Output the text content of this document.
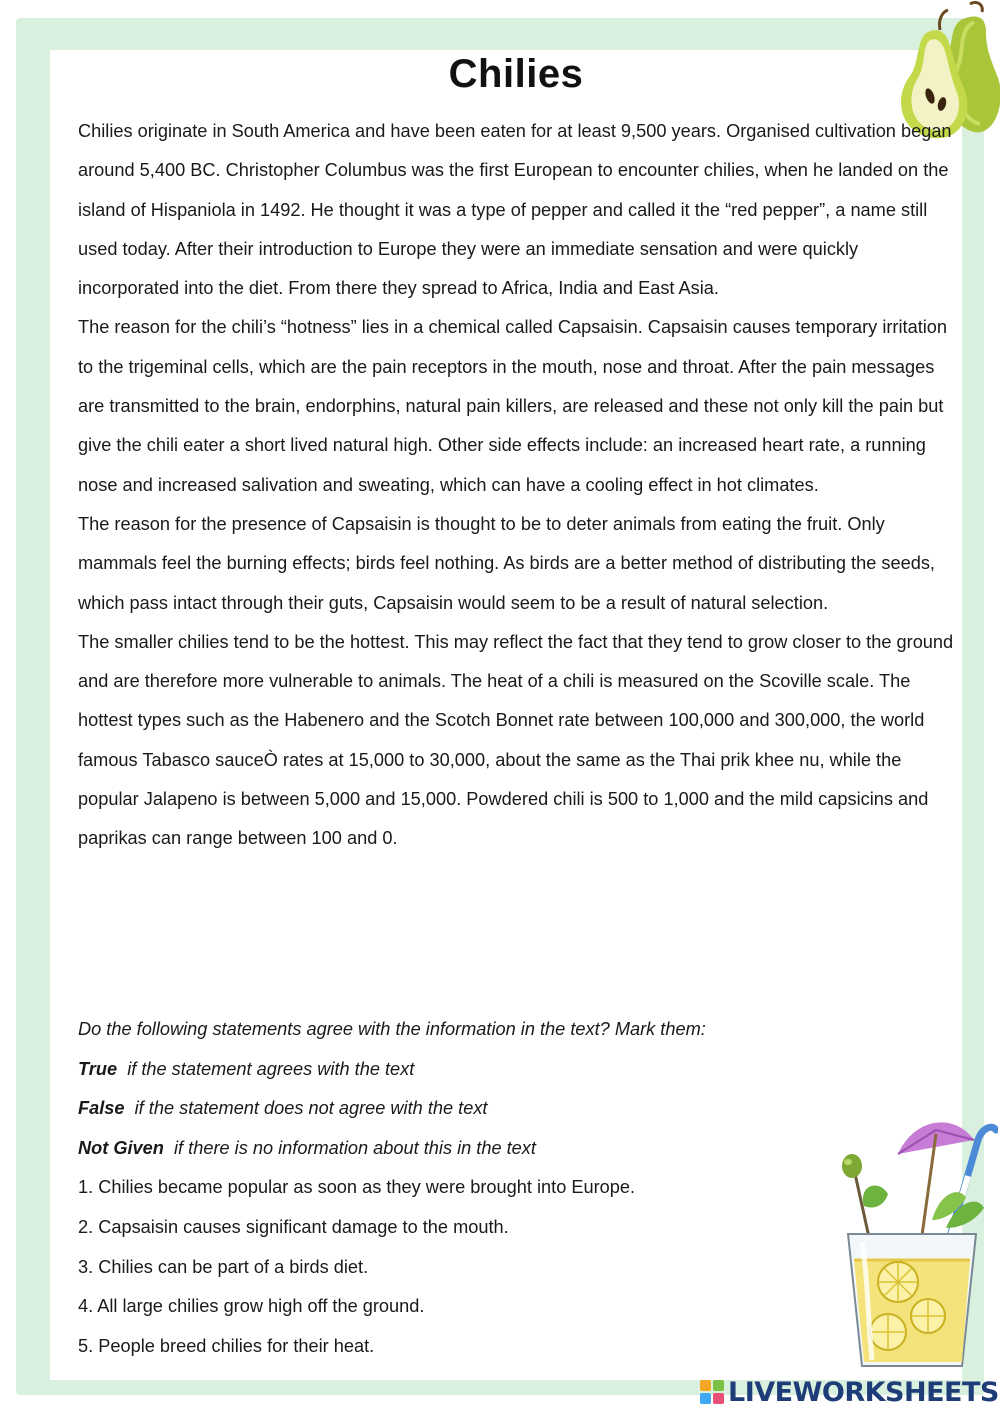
Chilies

Chilies originate in South America and have been eaten for at least 9,500 years. Organised cultivation began around 5,400 BC. Christopher Columbus was the first European to encounter chilies, when he landed on the island of Hispaniola in 1492. He thought it was a type of pepper and called it the “red pepper”, a name still used today. After their introduction to Europe they were an immediate sensation and were quickly incorporated into the diet. From there they spread to Africa, India and East Asia.

The reason for the chili’s “hotness” lies in a chemical called Capsaisin. Capsaisin causes temporary irritation to the trigeminal cells, which are the pain receptors in the mouth, nose and throat. After the pain messages are transmitted to the brain, endorphins, natural pain killers, are released and these not only kill the pain but give the chili eater a short lived natural high. Other side effects include: an increased heart rate, a running nose and increased salivation and sweating, which can have a cooling effect in hot climates.

The reason for the presence of Capsaisin is thought to be to deter animals from eating the fruit. Only mammals feel the burning effects; birds feel nothing. As birds are a better method of distributing the seeds, which pass intact through their guts, Capsaisin would seem to be a result of natural selection.

The smaller chilies tend to be the hottest. This may reflect the fact that they tend to grow closer to the ground and are therefore more vulnerable to animals. The heat of a chili is measured on the Scoville scale. The hottest types such as the Habenero and the Scotch Bonnet rate between 100,000 and 300,000, the world famous Tabasco sauceÒ rates at 15,000 to 30,000, about the same as the Thai prik khee nu, while the popular Jalapeno is between 5,000 and 15,000. Powdered chili is 500 to 1,000 and the mild capsicins and paprikas can range between 100 and 0.

Do the following statements agree with the information in the text? Mark them:

True if the statement agrees with the text

False if the statement does not agree with the text

Not Given if there is no information about this in the text

1. Chilies became popular as soon as they were brought into Europe.

2. Capsaisin causes significant damage to the mouth.

3. Chilies can be part of a birds diet.

4. All large chilies grow high off the ground.

5. People breed chilies for their heat.

LIVEWORKSHEETS
